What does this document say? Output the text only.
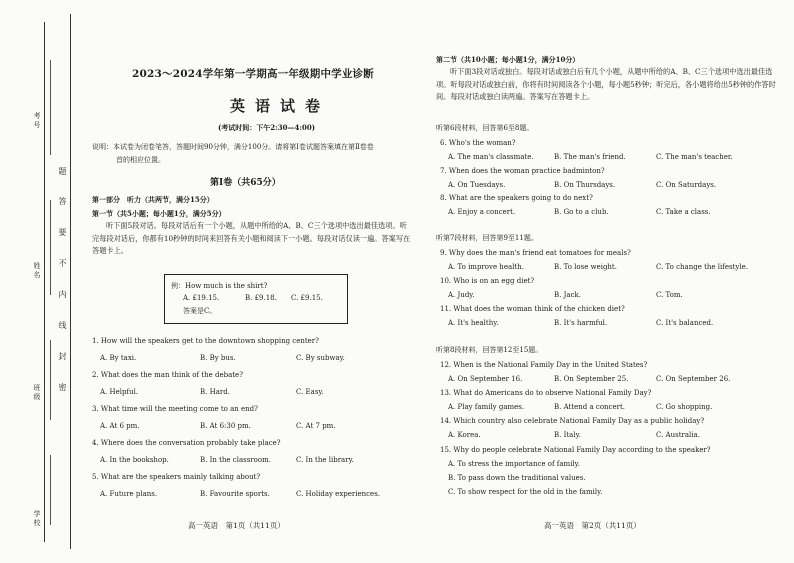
考号
姓名
班级
学校
题
答
要
不
内
线
封
密
2023～2024学年第一学期高一年级期中学业诊断
英语试卷
(考试时间：下午2:30—4:00)
说明：本试卷为闭卷笔答，答题时间90分钟，满分100分。请将第Ⅰ卷试题答案填在第Ⅱ卷卷
首的相应位置。
第Ⅰ卷（共65分）
第一部分　听力（共两节，满分15分）
第一节（共5小题；每小题1分，满分5分）
听下面5段对话。每段对话后有一个小题，从题中所给的A、B、C三个选项中选出最佳选项。听完每段对话后，你都有10秒钟的时间来回答有关小题和阅读下一小题。每段对话仅读一遍。答案写在答题卡上。
例：How much is the shirt?
A. £19.15.	B. £9.18. C. £9.15.
答案是C。
1. How will the speakers get to the downtown shopping center?
A. By taxi.	B. By bus.	C. By subway.
2. What does the man think of the debate?
A. Helpful.	B. Hard.	C. Easy.
3. What time will the meeting come to an end?
A. At 6 pm.	B. At 6:30 pm.	C. At 7 pm.
4. Where does the conversation probably take place?
A. In the bookshop.	B. In the classroom.	C. In the library.
5. What are the speakers mainly talking about?
A. Future plans.	B. Favourite sports.	C. Holiday experiences.
高一英语　第1页（共11页）
第二节（共10小题；每小题1分，满分10分）
听下面3段对话或独白。每段对话或独白后有几个小题，从题中所给的A、B、C三个选项中选出最佳选项。听每段对话或独白前，你将有时间阅读各个小题，每小题5秒钟；听完后，各小题将给出5秒钟的作答时间。每段对话或独白读两遍。答案写在答题卡上。
听第6段材料，回答第6至8题。
6. Who's the woman?
A. The man's classmate.	B. The man's friend.	C. The man's teacher.
7. When does the woman practice badminton?
A. On Tuesdays.	B. On Thursdays.	C. On Saturdays.
8. What are the speakers going to do next?
A. Enjoy a concert.	B. Go to a club.	C. Take a class.
听第7段材料，回答第9至11题。
9. Why does the man's friend eat tomatoes for meals?
A. To improve health.	B. To lose weight.	C. To change the lifestyle.
10. Who is on an egg diet?
A. Judy.	B. Jack.	C. Tom.
11. What does the woman think of the chicken diet?
A. It's healthy.	B. It's harmful.	C. It's balanced.
听第8段材料，回答第12至15题。
12. When is the National Family Day in the United States?
A. On September 16.	B. On September 25.	C. On September 26.
13. What do Americans do to observe National Family Day?
A. Play family games.	B. Attend a concert.	C. Go shopping.
14. Which country also celebrate National Family Day as a public holiday?
A. Korea.	B. Italy.	C. Australia.
15. Why do people celebrate National Family Day according to the speaker?
A. To stress the importance of family.
B. To pass down the traditional values.
C. To show respect for the old in the family.
高一英语　第2页（共11页）
